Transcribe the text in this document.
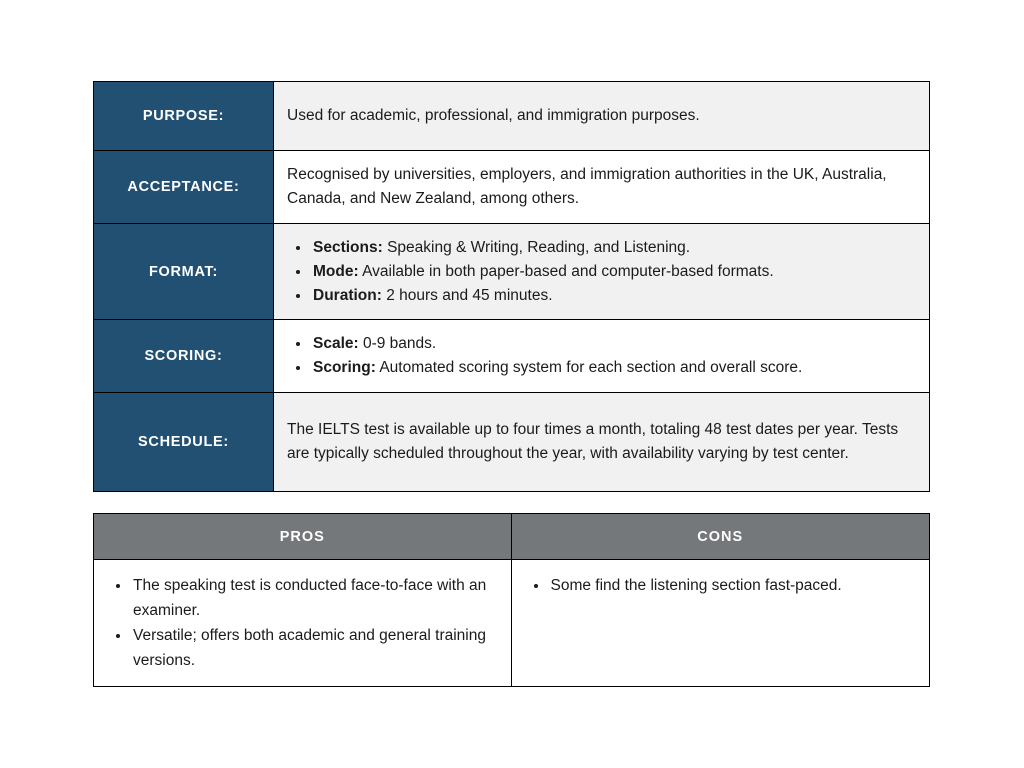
PURPOSE:	Used for academic, professional, and immigration purposes.

ACCEPTANCE:

Recognised by universities, employers, and immigration authorities in the UK, Australia, Canada, and New Zealand, among others.

FORMAT:
• Sections: Speaking & Writing, Reading, and Listening.
• Mode: Available in both paper-based and computer-based formats.
• Duration: 2 hours and 45 minutes.
SCORING:
• Scale: 0-9 bands.
• Scoring: Automated scoring system for each section and overall score.
SCHEDULE:

The IELTS test is available up to four times a month, totaling 48 test dates per year. Tests are typically scheduled throughout the year, with availability varying by test center.

PROS	CONS
• The speaking test is conducted face-to-face with an examiner.
• Versatile; offers both academic and general training versions.
• Some find the listening section fast-paced.
